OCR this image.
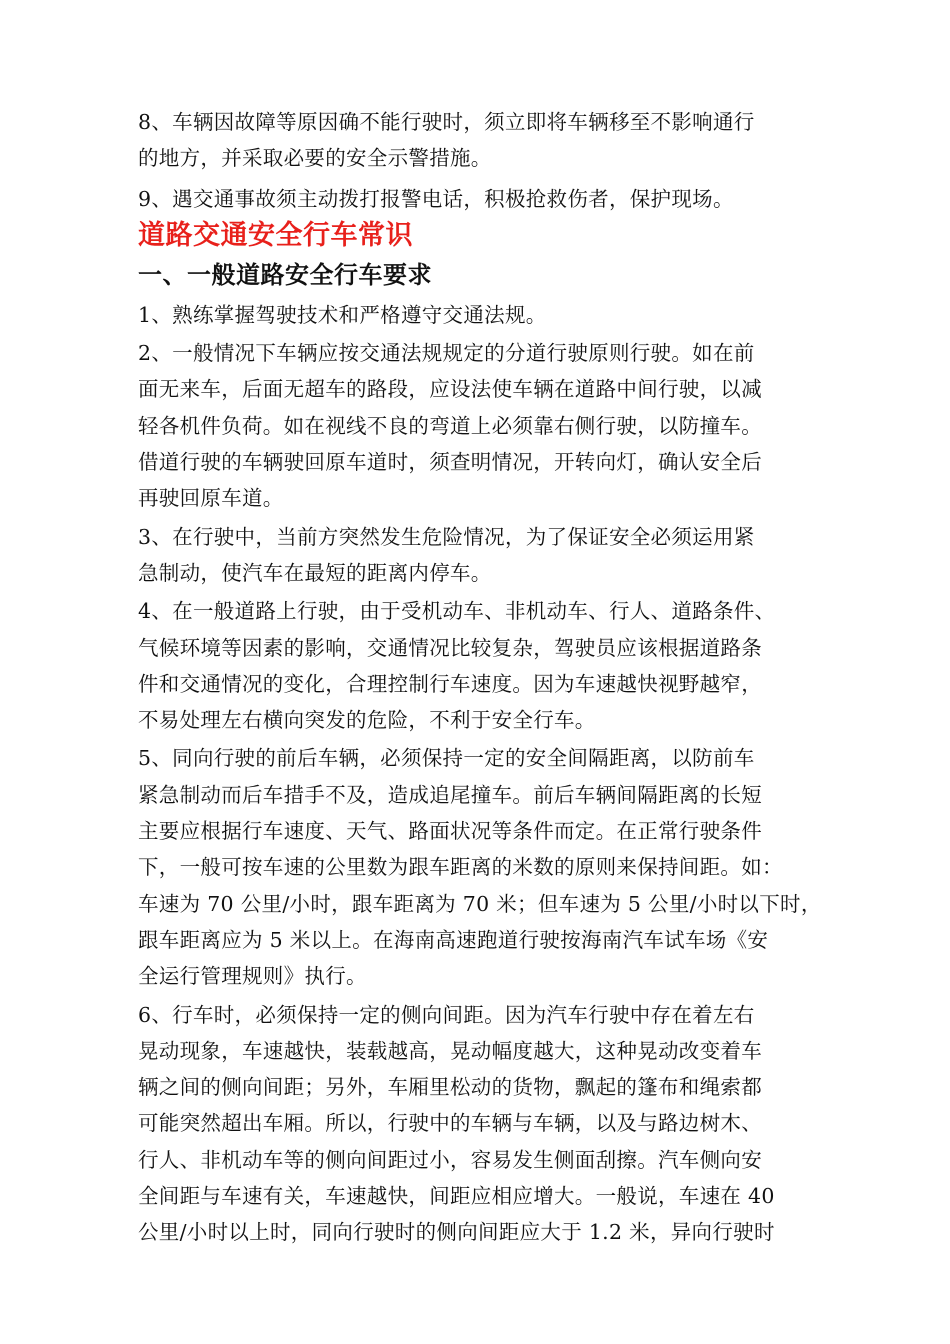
8、车辆因故障等原因确不能行驶时，须立即将车辆移至不影响通行
的地方，并采取必要的安全示警措施。

9、遇交通事故须主动拨打报警电话，积极抢救伤者，保护现场。

道路交通安全行车常识
一、一般道路安全行车要求

1、熟练掌握驾驶技术和严格遵守交通法规。

2、一般情况下车辆应按交通法规规定的分道行驶原则行驶。如在前
面无来车，后面无超车的路段，应设法使车辆在道路中间行驶，以减
轻各机件负荷。如在视线不良的弯道上必须靠右侧行驶，以防撞车。
借道行驶的车辆驶回原车道时，须查明情况，开转向灯，确认安全后
再驶回原车道。

3、在行驶中，当前方突然发生危险情况，为了保证安全必须运用紧
急制动，使汽车在最短的距离内停车。

4、在一般道路上行驶，由于受机动车、非机动车、行人、道路条件、
气候环境等因素的影响，交通情况比较复杂，驾驶员应该根据道路条
件和交通情况的变化，合理控制行车速度。因为车速越快视野越窄，
不易处理左右横向突发的危险，不利于安全行车。

5、同向行驶的前后车辆，必须保持一定的安全间隔距离，以防前车
紧急制动而后车措手不及，造成追尾撞车。前后车辆间隔距离的长短
主要应根据行车速度、天气、路面状况等条件而定。在正常行驶条件
下，一般可按车速的公里数为跟车距离的米数的原则来保持间距。如：
车速为 70 公里/小时，跟车距离为 70 米；但车速为 5 公里/小时以下时，
跟车距离应为 5 米以上。在海南高速跑道行驶按海南汽车试车场《安
全运行管理规则》执行。

6、行车时，必须保持一定的侧向间距。因为汽车行驶中存在着左右
晃动现象，车速越快，装载越高，晃动幅度越大，这种晃动改变着车
辆之间的侧向间距；另外，车厢里松动的货物，飘起的篷布和绳索都
可能突然超出车厢。所以，行驶中的车辆与车辆，以及与路边树木、
行人、非机动车等的侧向间距过小，容易发生侧面刮擦。汽车侧向安
全间距与车速有关，车速越快，间距应相应增大。一般说，车速在 40
公里/小时以上时，同向行驶时的侧向间距应大于 1.2 米，异向行驶时
